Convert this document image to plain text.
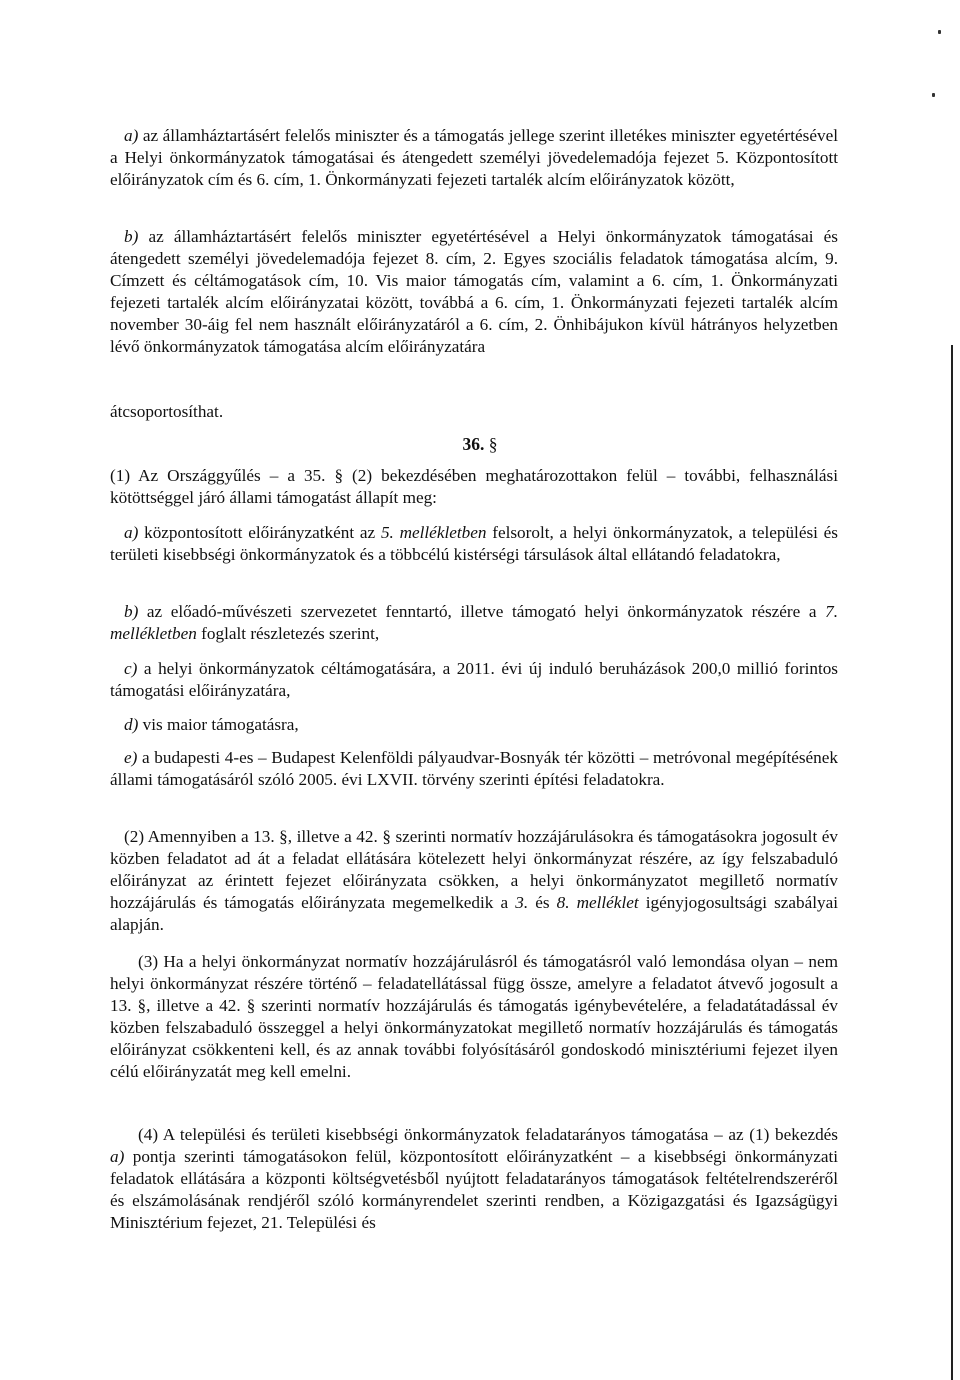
a) az államháztartásért felelős miniszter és a támogatás jellege szerint illetékes miniszter egyetértésével a Helyi önkormányzatok támogatásai és átengedett személyi jövedelemadója fejezet 5. Központosított előirányzatok cím és 6. cím, 1. Önkormányzati fejezeti tartalék alcím előirányzatok között,

b) az államháztartásért felelős miniszter egyetértésével a Helyi önkormányzatok támogatásai és átengedett személyi jövedelemadója fejezet 8. cím, 2. Egyes szociális feladatok támogatása alcím, 9. Címzett és céltámogatások cím, 10. Vis maior támogatás cím, valamint a 6. cím, 1. Önkormányzati fejezeti tartalék alcím előirányzatai között, továbbá a 6. cím, 1. Önkormányzati fejezeti tartalék alcím november 30-áig fel nem használt előirányzatáról a 6. cím, 2. Önhibájukon kívül hátrányos helyzetben lévő önkormányzatok támogatása alcím előirányzatára

átcsoportosíthat.

36. §

(1) Az Országgyűlés – a 35. § (2) bekezdésében meghatározottakon felül – további, felhasználási kötöttséggel járó állami támogatást állapít meg:

a) központosított előirányzatként az 5. mellékletben felsorolt, a helyi önkormányzatok, a települési és területi kisebbségi önkormányzatok és a többcélú kistérségi társulások által ellátandó feladatokra,

b) az előadó-művészeti szervezetet fenntartó, illetve támogató helyi önkormányzatok részére a 7. mellékletben foglalt részletezés szerint,

c) a helyi önkormányzatok céltámogatására, a 2011. évi új induló beruházások 200,0 millió forintos támogatási előirányzatára,

d) vis maior támogatásra,

e) a budapesti 4-es – Budapest Kelenföldi pályaudvar-Bosnyák tér közötti – metróvonal megépítésének állami támogatásáról szóló 2005. évi LXVII. törvény szerinti építési feladatokra.

(2) Amennyiben a 13. §, illetve a 42. § szerinti normatív hozzájárulásokra és támogatásokra jogosult év közben feladatot ad át a feladat ellátására kötelezett helyi önkormányzat részére, az így felszabaduló előirányzat az érintett fejezet előirányzata csökken, a helyi önkormányzatot megillető normatív hozzájárulás és támogatás előirányzata megemelkedik a 3. és 8. melléklet igényjogosultsági szabályai alapján.

(3) Ha a helyi önkormányzat normatív hozzájárulásról és támogatásról való lemondása olyan – nem helyi önkormányzat részére történő – feladatellátással függ össze, amelyre a feladatot átvevő jogosult a 13. §, illetve a 42. § szerinti normatív hozzájárulás és támogatás igénybevételére, a feladatátadással év közben felszabaduló összeggel a helyi önkormányzatokat megillető normatív hozzájárulás és támogatás előirányzat csökkenteni kell, és az annak további folyósításáról gondoskodó minisztériumi fejezet ilyen célú előirányzatát meg kell emelni.

(4) A települési és területi kisebbségi önkormányzatok feladatarányos támogatása – az (1) bekezdés a) pontja szerinti támogatásokon felül, központosított előirányzatként – a kisebbségi önkormányzati feladatok ellátására a központi költségvetésből nyújtott feladatarányos támogatások feltételrendszeréről és elszámolásának rendjéről szóló kormányrendelet szerinti rendben, a Közigazgatási és Igazságügyi Minisztérium fejezet, 21. Települési és
